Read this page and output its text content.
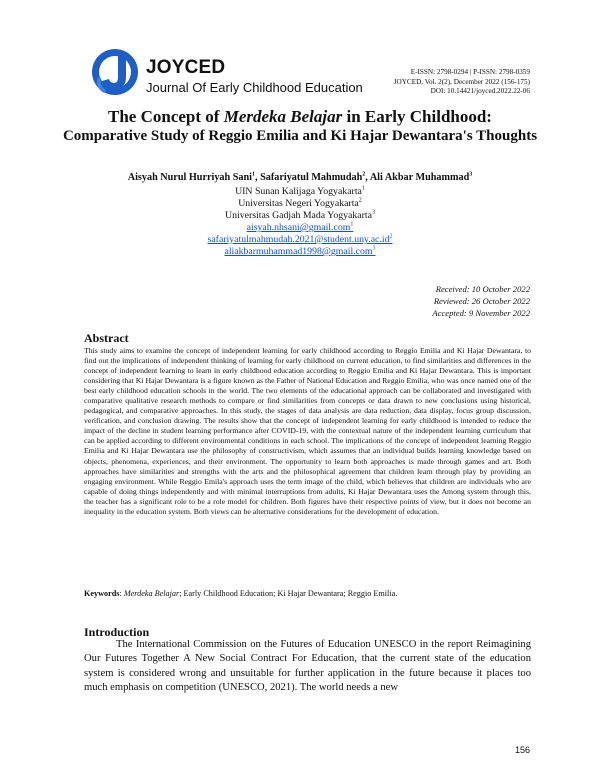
JOYCED
Journal Of Early Childhood Education
E-ISSN: 2798-0294 | P-ISSN: 2798-0359
JOYCED, Vol. 2(2), December 2022 (156-175)
DOI: 10.14421/joyced.2022.22-06
The Concept of Merdeka Belajar in Early Childhood:
Comparative Study of Reggio Emilia and Ki Hajar Dewantara's Thoughts
Aisyah Nurul Hurriyah Sani$^1$, Safariyatul Mahmudah$^2$, Ali Akbar Muhammad$^3$
UIN Sunan Kalijaga Yogyakarta$^1$
Universitas Negeri Yogyakarta$^2$
Universitas Gadjah Mada Yogyakarta$^3$
aisyah.nhsani@gmail.com$^1$
$safariyatulmahmudah.2021@student.uny.ac.id^2$
aliakbarmuhammad1998@gmail.com$^3$
Received: 10 October 2022
Reviewed: 26 October 2022
Accepted: 9 November 2022
Abstract
This study aims to examine the concept of independent learning for early childhood according to Reggio Emilia and Ki Hajar Dewantara, to find out the implications of independent thinking of learning for early childhood on current education, to find similarities and differences in the concept of independent learning to learn in early childhood education according to Reggio Emilia and Ki Hajar Dewantara. This is important considering that Ki Hajar Dewantara is a figure known as the Father of National Education and Reggio Emilia, who was once named one of the best early childhood education schools in the world. The two elements of the educational approach can be collaborated and investigated with comparative qualitative research methods to compare or find similarities from concepts or data drawn to new conclusions using historical, pedagogical, and comparative approaches. In this study, the stages of data analysis are data reduction, data display, focus group discussion, verification, and conclusion drawing. The results show that the concept of independent learning for early childhood is intended to reduce the impact of the decline in student learning performance after COVID-19, with the contextual nature of the independent learning curriculum that can be applied according to different environmental conditions in each school. The implications of the concept of independent learning Reggio Emilia and Ki Hajar Dewantara use the philosophy of constructivism, which assumes that an individual builds learning knowledge based on objects, phenomena, experiences, and their environment. The opportunity to learn both approaches is made through games and art. Both approaches have similarities and strengths with the arts and the philosophical agreement that children learn through play by providing an engaging environment. While Reggio Emila's approach uses the term image of the child, which believes that children are individuals who are capable of doing things independently and with minimal interruptions from adults, Ki Hajar Dewantara uses the Among system through this, the teacher has a significant role to be a role model for children. Both figures have their respective points of view, but it does not become an inequality in the education system. Both views can be alternative considerations for the development of education.
Keywords: Merdeka Belajar; Early Childhood Education; Ki Hajar Dewantara; Reggio Emilia.
Introduction
The International Commission on the Futures of Education UNESCO in the report Reimagining Our Futures Together A New Social Contract For Education, that the current state of the education system is considered wrong and unsuitable for further application in the future because it places too much emphasis on competition (UNESCO, 2021). The world needs a new
156
